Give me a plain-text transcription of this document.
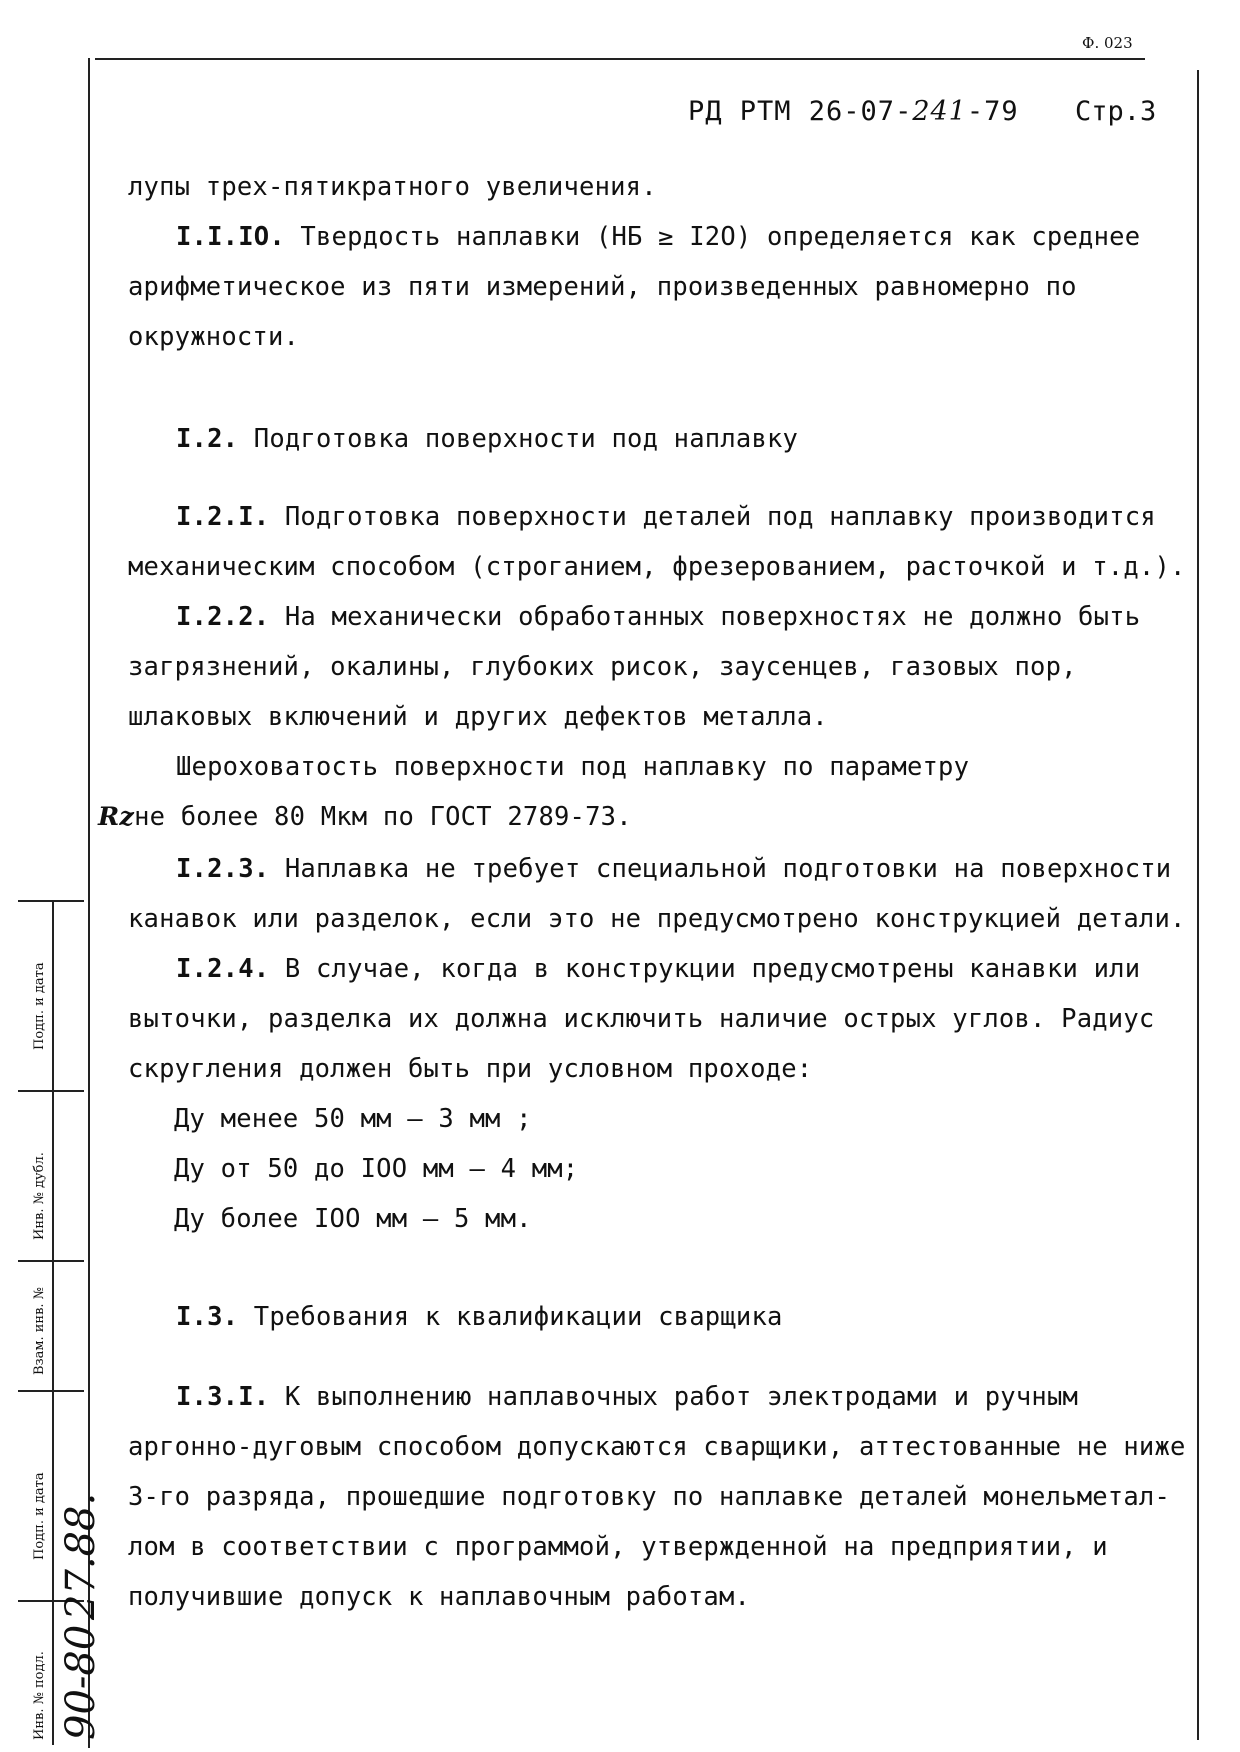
Ф. 023
РД РТМ 26-07-241-79 Стр.3
лупы трех-пятикратного увеличения.
I.I.IO. Твердость наплавки (НБ ≥ I2O) определяется как среднее
арифметическое из пяти измерений, произведенных равномерно по
окружности.
I.2. Подготовка поверхности под наплавку
I.2.I. Подготовка поверхности деталей под наплавку производится
механическим способом (строганием, фрезерованием, расточкой и т.д.).
I.2.2. На механически обработанных поверхностях не должно быть
загрязнений, окалины, глубоких рисок, заусенцев, газовых пор,
шлаковых включений и других дефектов металла.
Шероховатость поверхности под наплавку по параметру
Rzне более 80 Мкм по ГОСТ 2789-73.
I.2.3. Наплавка не требует специальной подготовки на поверхности
канавок или разделок, если это не предусмотрено конструкцией детали.
I.2.4. В случае, когда в конструкции предусмотрены канавки или
выточки, разделка их должна исключить наличие острых углов. Радиус
скругления должен быть при условном проходе:
Ду менее 50 мм – 3 мм ;
Ду от 50 до IOO мм – 4 мм;
Ду более IOO мм – 5 мм.
I.3. Требования к квалификации сварщика
I.3.I. К выполнению наплавочных работ электродами и ручным
аргонно-дуговым способом допускаются сварщики, аттестованные не ниже
3-го разряда, прошедшие подготовку по наплавке деталей монельметал-
лом в соответствии с программой, утвержденной на предприятии, и
получившие допуск к наплавочным работам.
Подп. и дата
Инв. № дубл.
Взам. инв. №
Подп. и дата
Инв. № подл.
27.88.
90-80
